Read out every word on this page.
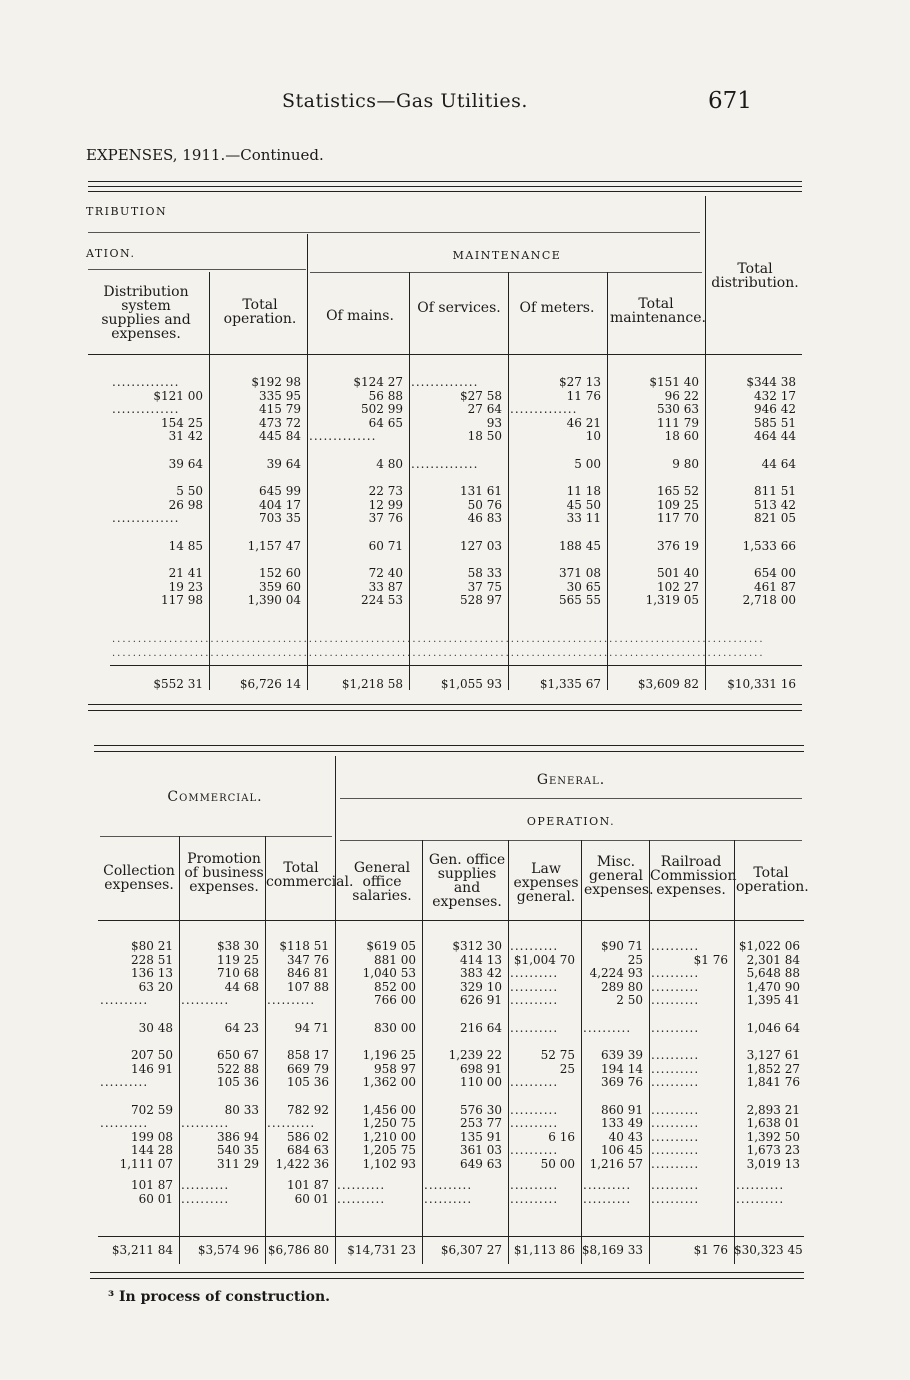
Statistics—Gas Utilities.	671
EXPENSES, 1911.—Continued.
TRIBUTION
ATION.	MAINTENANCE
Distribution system supplies and expenses.
Total operation.	Of mains.	Of services.	Of meters.	Total maintenance.
Total distribution.
..............	$192 98	$124 27	..............	$27 13	$151 40	$344 38
$121 00	335 95	56 88	$27 58	11 76	96 22	432 17
..............	415 79	502 99	27 64	..............	530 63	946 42
154 25	473 72	64 65	93	46 21	111 79	585 51
31 42	445 84	..............	18 50	10	18 60	464 44

39 64	39 64	4 80	..............	5 00	9 80	44 64

5 50	645 99	22 73	131 61	11 18	165 52	811 51
26 98	404 17	12 99	50 76	45 50	109 25	513 42
..............	703 35	37 76	46 83	33 11	117 70	821 05

14 85	1,157 47	60 71	127 03	188 45	376 19	1,533 66

21 41	152 60	72 40	58 33	371 08	501 40	654 00
19 23	359 60	33 87	37 75	30 65	102 27	461 87
117 98	1,390 04	224 53	528 97	565 55	1,319 05	2,718 00
..............................................................................................................................
..............................................................................................................................
$552 31	$6,726 14	$1,218 58	$1,055 93	$1,335 67	$3,609 82	$10,331 16
Commercial.
General.
OPERATION.
Collection expenses.
Promotion of business expenses.
Total commercial.
General office salaries.
Gen. office supplies and expenses.
Law expenses general.
Misc. general expenses.
Railroad Commission expenses.
Total operation.
$80 21	$38 30	$118 51	$619 05	$312 30	..........	$90 71	..........	$1,022 06
228 51	119 25	347 76	881 00	414 13	$1,004 70	25	$1 76	2,301 84
136 13	710 68	846 81	1,040 53	383 42	..........	4,224 93	..........	5,648 88
63 20	44 68	107 88	852 00	329 10	..........	289 80	..........	1,470 90
..........	..........	..........	766 00	626 91	..........	2 50	..........	1,395 41

30 48	64 23	94 71	830 00	216 64	..........	..........	..........	1,046 64

207 50	650 67	858 17	1,196 25	1,239 22	52 75	639 39	..........	3,127 61
146 91	522 88	669 79	958 97	698 91	25	194 14	..........	1,852 27
..........	105 36	105 36	1,362 00	110 00	..........	369 76	..........	1,841 76

702 59	80 33	782 92	1,456 00	576 30	..........	860 91	..........	2,893 21
..........	..........	..........	1,250 75	253 77	..........	133 49	..........	1,638 01
199 08	386 94	586 02	1,210 00	135 91	6 16	40 43	..........	1,392 50
144 28	540 35	684 63	1,205 75	361 03	..........	106 45	..........	1,673 23
1,111 07	311 29	1,422 36	1,102 93	649 63	50 00	1,216 57	..........	3,019 13

101 87	..........	101 87	..........	..........	..........	..........	..........	..........
60 01	..........	60 01	..........	..........	..........	..........	..........	..........
$3,211 84	$3,574 96	$6,786 80	$14,731 23	$6,307 27	$1,113 86	$8,169 33	$1 76	$30,323 45
³ In process of construction.
